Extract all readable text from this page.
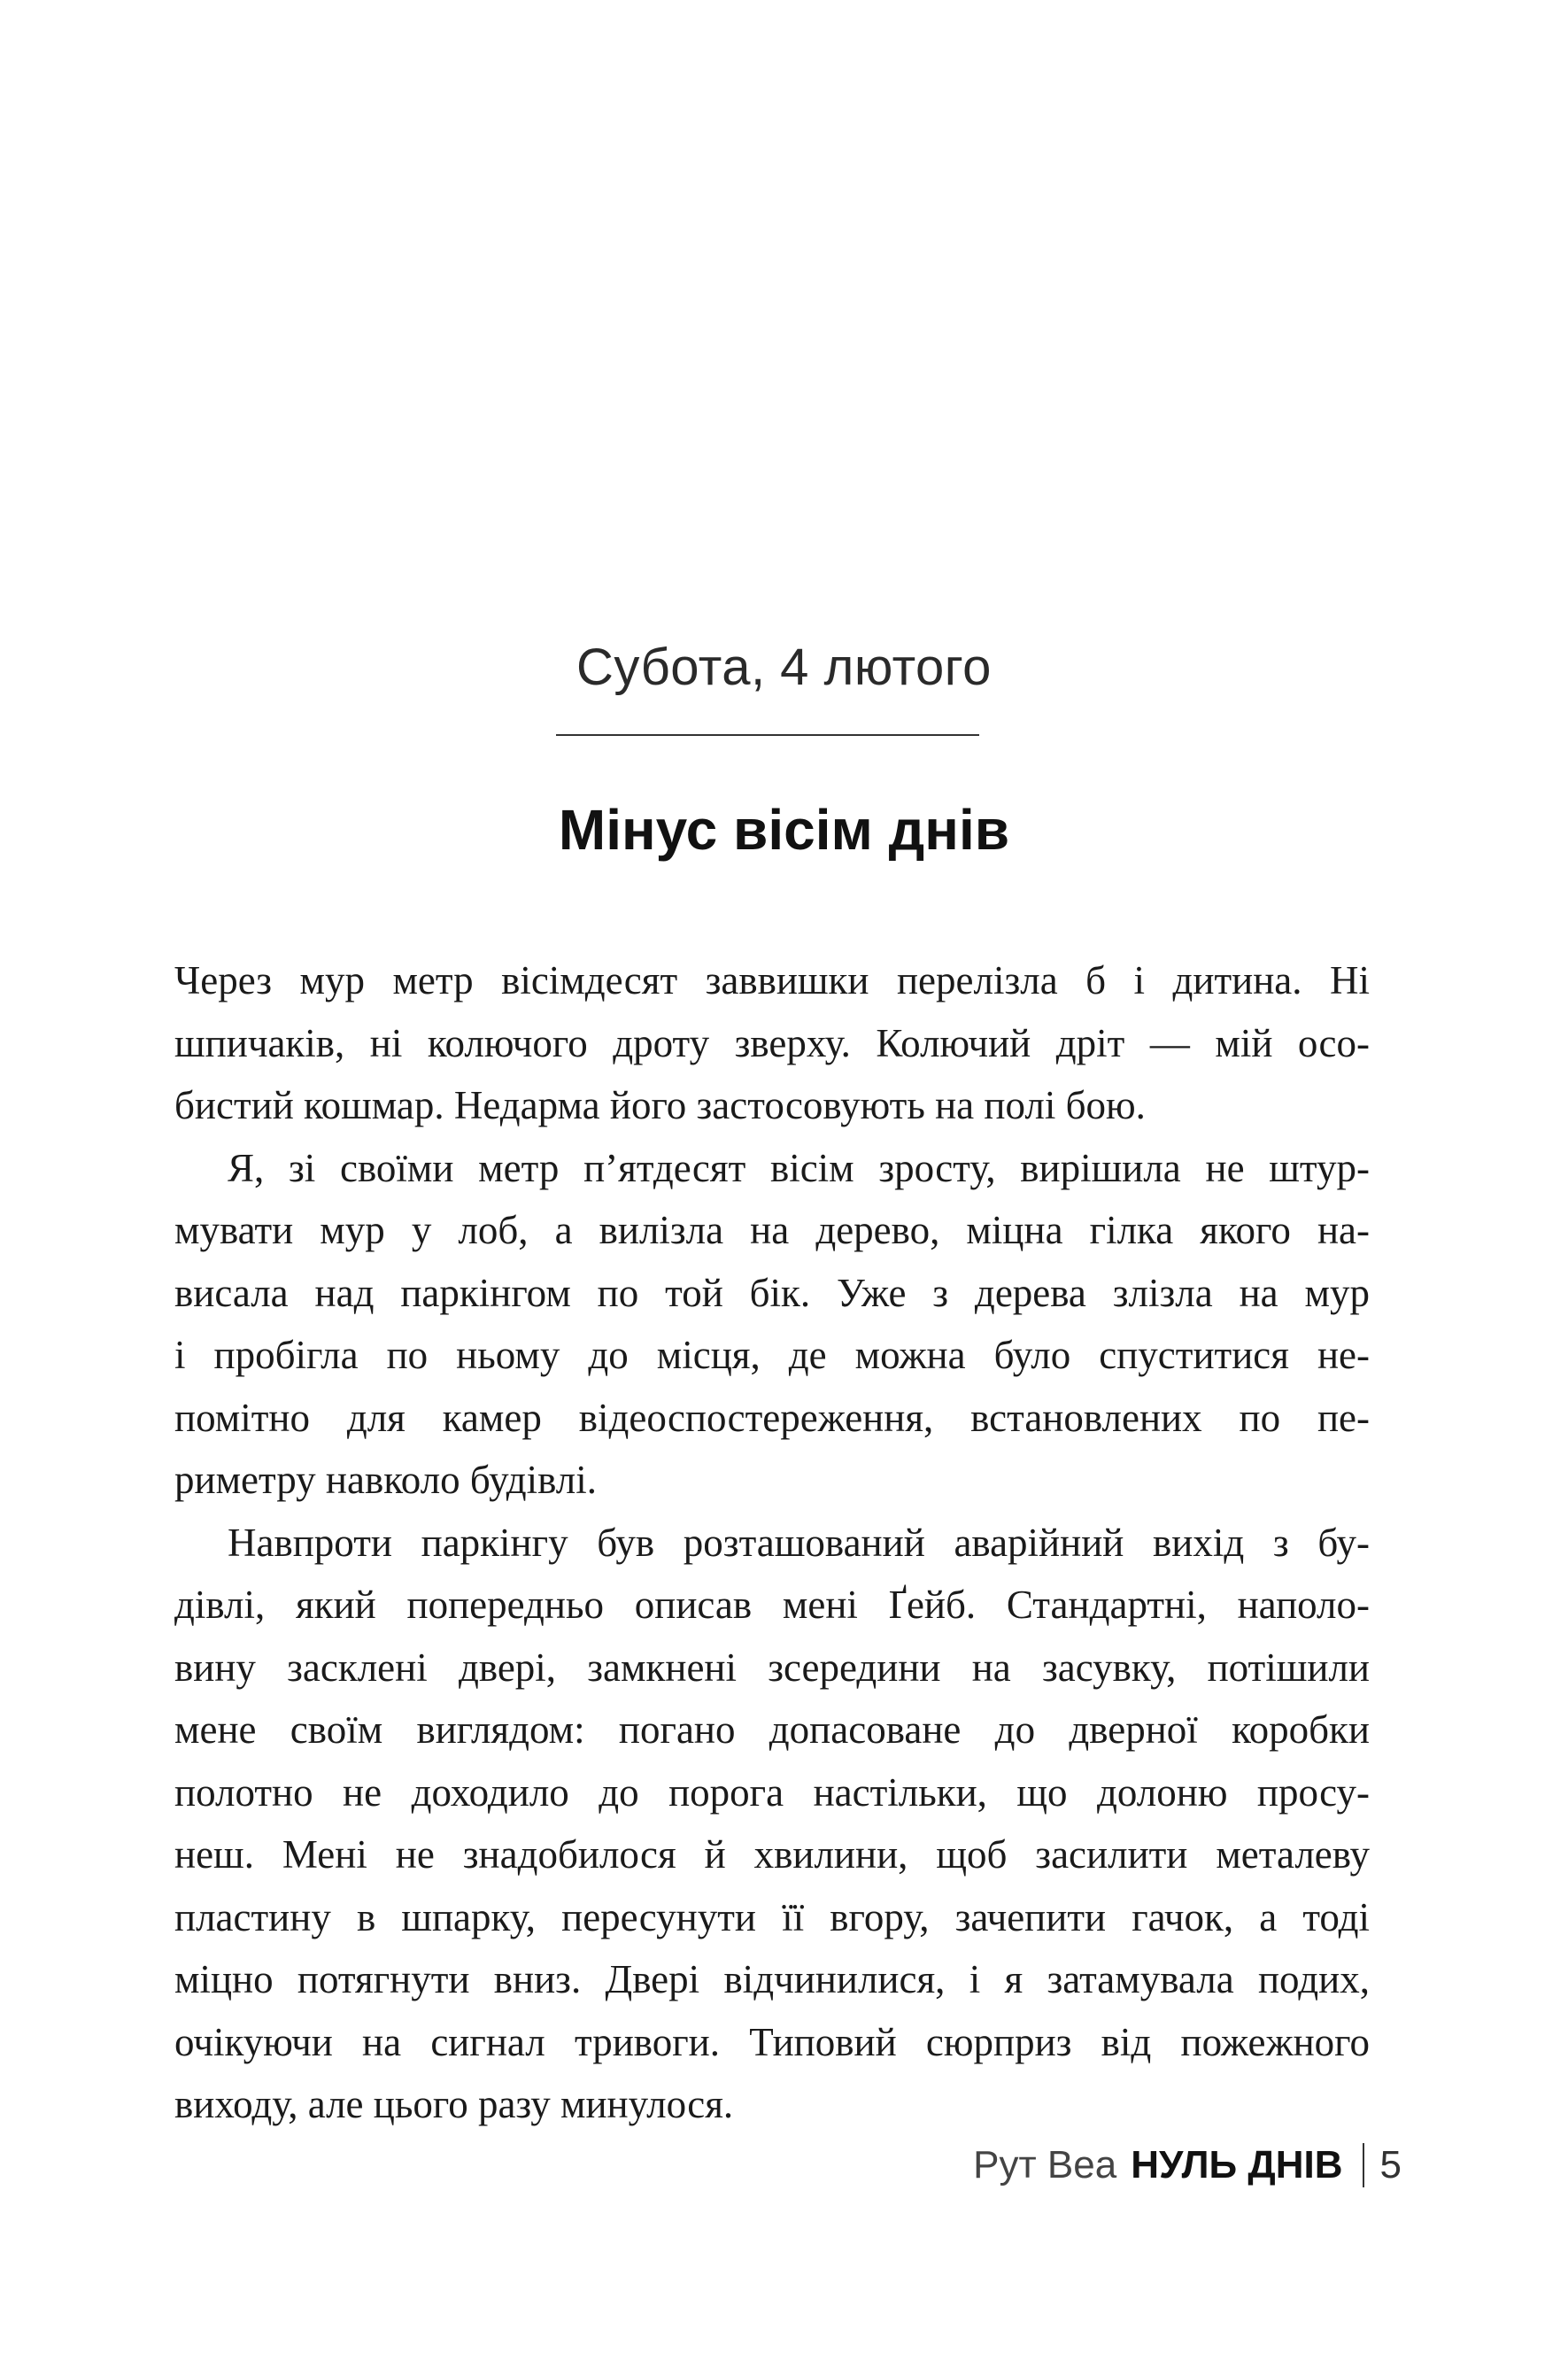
Субота, 4 лютого
Мінус вісім днів
Через мур метр вісімдесят заввишки перелізла б і дитина. Ні
шпичаків, ні колючого дроту зверху. Колючий дріт — мій осо-
бистий кошмар. Недарма його застосовують на полі бою.
Я, зі своїми метр п’ятдесят вісім зросту, вирішила не штур-
мувати мур у лоб, а вилізла на дерево, міцна гілка якого на-
висала над паркінгом по той бік. Уже з дерева злізла на мур
і пробігла по ньому до місця, де можна було спуститися не-
помітно для камер відеоспостереження, встановлених по пе-
риметру навколо будівлі.
Навпроти паркінгу був розташований аварійний вихід з бу-
дівлі, який попередньо описав мені Ґейб. Стандартні, наполо-
вину засклені двері, замкнені зсередини на засувку, потішили
мене своїм виглядом: погано допасоване до дверної коробки
полотно не доходило до порога настільки, що долоню просу-
неш. Мені не знадобилося й хвилини, щоб засилити металеву
пластину в шпарку, пересунути її вгору, зачепити гачок, а тоді
міцно потягнути вниз. Двері відчинилися, і я затамувала подих,
очікуючи на сигнал тривоги. Типовий сюрприз від пожежного
виходу, але цього разу минулося.
Рут Веа НУЛЬ ДНІВ 5
